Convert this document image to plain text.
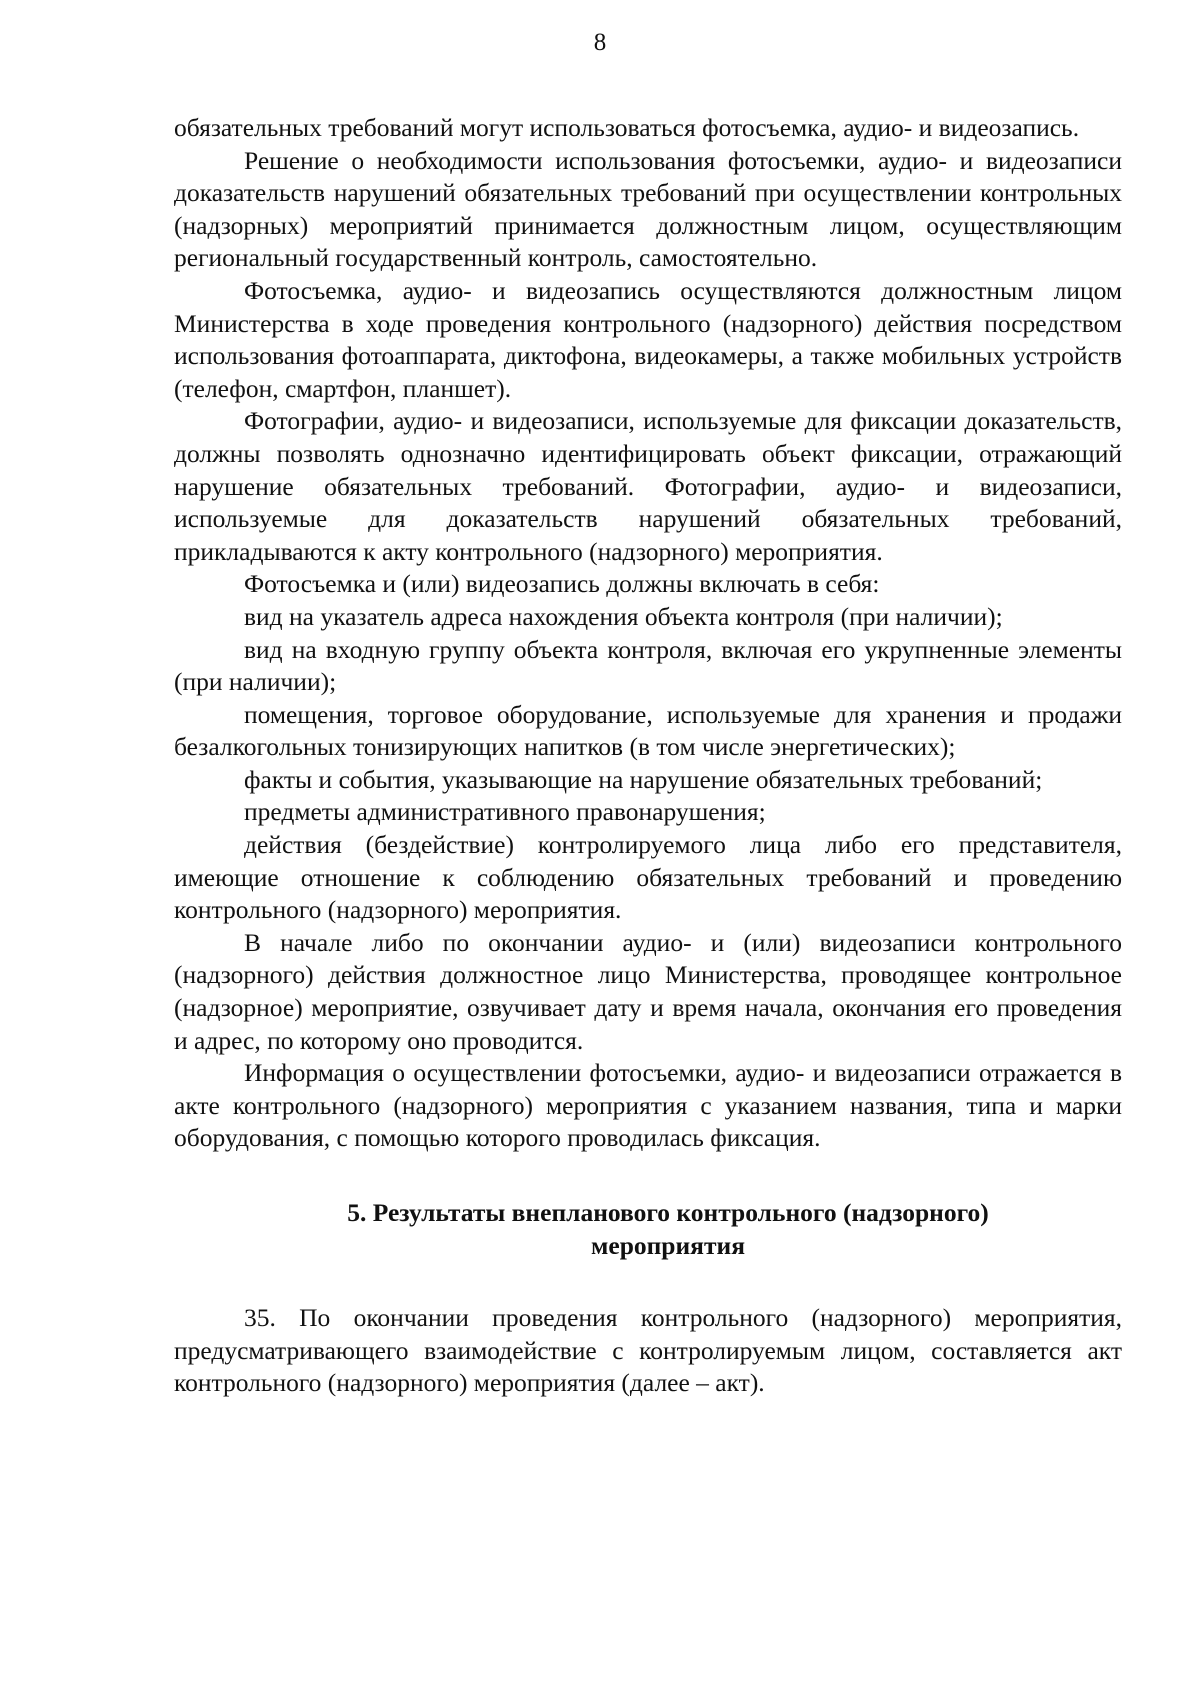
8

обязательных требований могут использоваться фотосъемка, аудио- и видеозапись.

Решение о необходимости использования фотосъемки, аудио- и видеозаписи доказательств нарушений обязательных требований при осуществлении контрольных (надзорных) мероприятий принимается должностным лицом, осуществляющим региональный государственный контроль, самостоятельно.

Фотосъемка, аудио- и видеозапись осуществляются должностным лицом Министерства в ходе проведения контрольного (надзорного) действия посредством использования фотоаппарата, диктофона, видеокамеры, а также мобильных устройств (телефон, смартфон, планшет).

Фотографии, аудио- и видеозаписи, используемые для фиксации доказательств, должны позволять однозначно идентифицировать объект фиксации, отражающий нарушение обязательных требований. Фотографии, аудио- и видеозаписи, используемые для доказательств нарушений обязательных требований, прикладываются к акту контрольного (надзорного) мероприятия.

Фотосъемка и (или) видеозапись должны включать в себя:

вид на указатель адреса нахождения объекта контроля (при наличии);

вид на входную группу объекта контроля, включая его укрупненные элементы (при наличии);

помещения, торговое оборудование, используемые для хранения и продажи безалкогольных тонизирующих напитков (в том числе энергетических);

факты и события, указывающие на нарушение обязательных требований;

предметы административного правонарушения;

действия (бездействие) контролируемого лица либо его представителя, имеющие отношение к соблюдению обязательных требований и проведению контрольного (надзорного) мероприятия.

В начале либо по окончании аудио- и (или) видеозаписи контрольного (надзорного) действия должностное лицо Министерства, проводящее контрольное (надзорное) мероприятие, озвучивает дату и время начала, окончания его проведения и адрес, по которому оно проводится.

Информация о осуществлении фотосъемки, аудио- и видеозаписи отражается в акте контрольного (надзорного) мероприятия с указанием названия, типа и марки оборудования, с помощью которого проводилась фиксация.

5. Результаты внепланового контрольного (надзорного)
мероприятия

35. По окончании проведения контрольного (надзорного) мероприятия, предусматривающего взаимодействие с контролируемым лицом, составляется акт контрольного (надзорного) мероприятия (далее – акт).
